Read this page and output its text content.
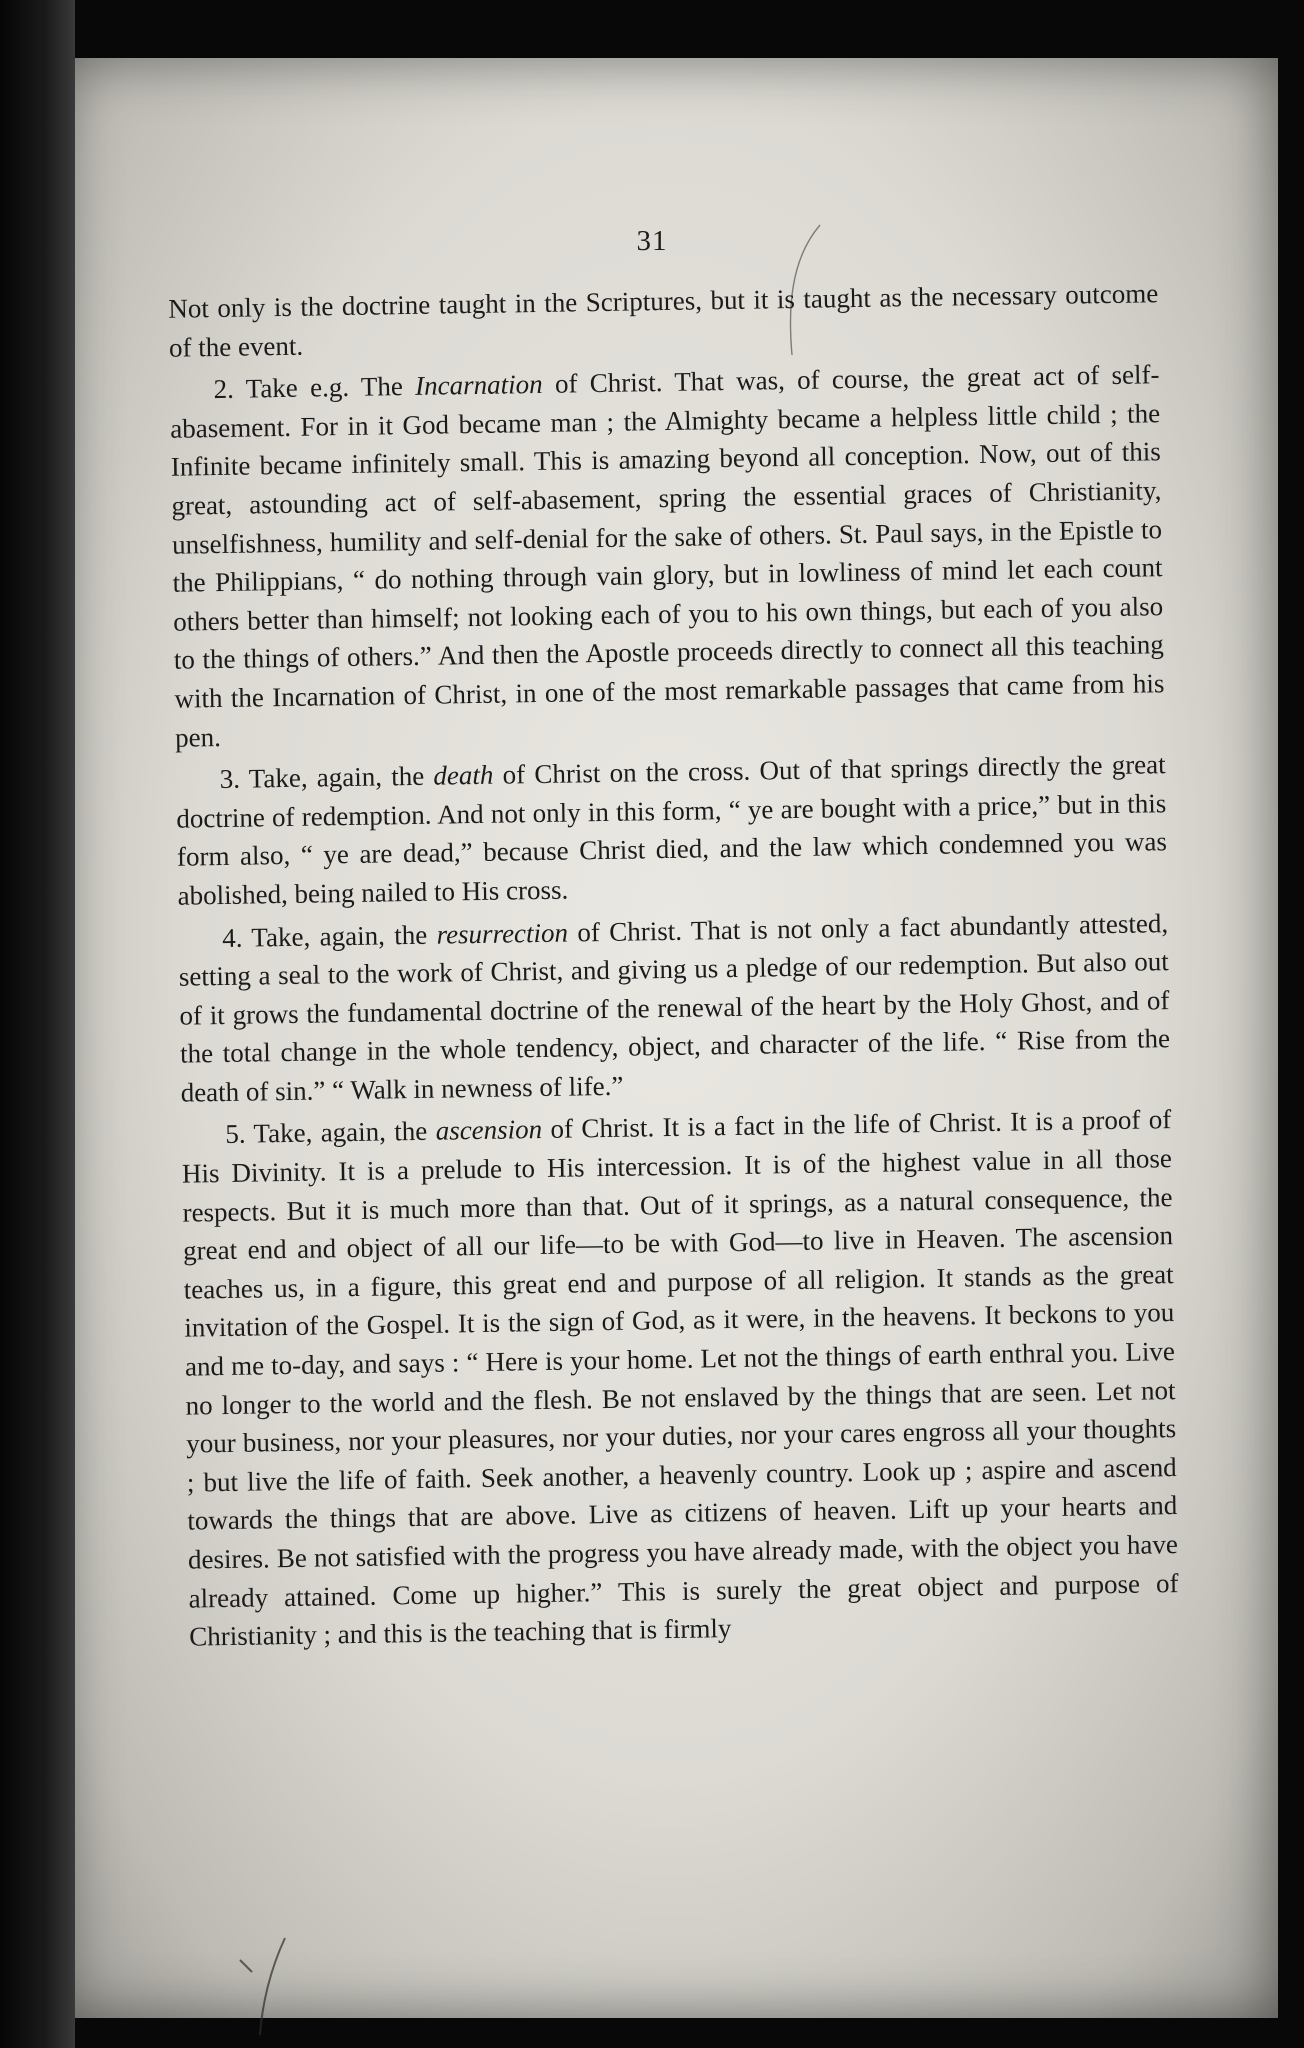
31

Not only is the doctrine taught in the Scriptures, but it is taught as the necessary outcome of the event.

2. Take e.g. The Incarnation of Christ. That was, of course, the great act of self-abasement. For in it God became man ; the Almighty became a helpless little child ; the Infinite became infinitely small. This is amazing beyond all conception. Now, out of this great, astounding act of self-abasement, spring the essential graces of Christianity, unselfishness, humility and self-denial for the sake of others. St. Paul says, in the Epistle to the Philippians, “ do nothing through vain glory, but in lowliness of mind let each count others better than himself; not looking each of you to his own things, but each of you also to the things of others.” And then the Apostle proceeds directly to connect all this teaching with the Incarnation of Christ, in one of the most remarkable passages that came from his pen.

3. Take, again, the death of Christ on the cross. Out of that springs directly the great doctrine of redemption. And not only in this form, “ ye are bought with a price,” but in this form also, “ ye are dead,” because Christ died, and the law which condemned you was abolished, being nailed to His cross.

4. Take, again, the resurrection of Christ. That is not only a fact abundantly attested, setting a seal to the work of Christ, and giving us a pledge of our redemption. But also out of it grows the fundamental doctrine of the renewal of the heart by the Holy Ghost, and of the total change in the whole tendency, object, and character of the life. “ Rise from the death of sin.” “ Walk in newness of life.”

5. Take, again, the ascension of Christ. It is a fact in the life of Christ. It is a proof of His Divinity. It is a prelude to His intercession. It is of the highest value in all those respects. But it is much more than that. Out of it springs, as a natural consequence, the great end and object of all our life—to be with God—to live in Heaven. The ascension teaches us, in a figure, this great end and purpose of all religion. It stands as the great invitation of the Gospel. It is the sign of God, as it were, in the heavens. It beckons to you and me to-day, and says : “ Here is your home. Let not the things of earth enthral you. Live no longer to the world and the flesh. Be not enslaved by the things that are seen. Let not your business, nor your pleasures, nor your duties, nor your cares engross all your thoughts ; but live the life of faith. Seek another, a heavenly country. Look up ; aspire and ascend towards the things that are above. Live as citizens of heaven. Lift up your hearts and desires. Be not satisfied with the progress you have already made, with the object you have already attained. Come up higher.” This is surely the great object and purpose of Christianity ; and this is the teaching that is firmly
